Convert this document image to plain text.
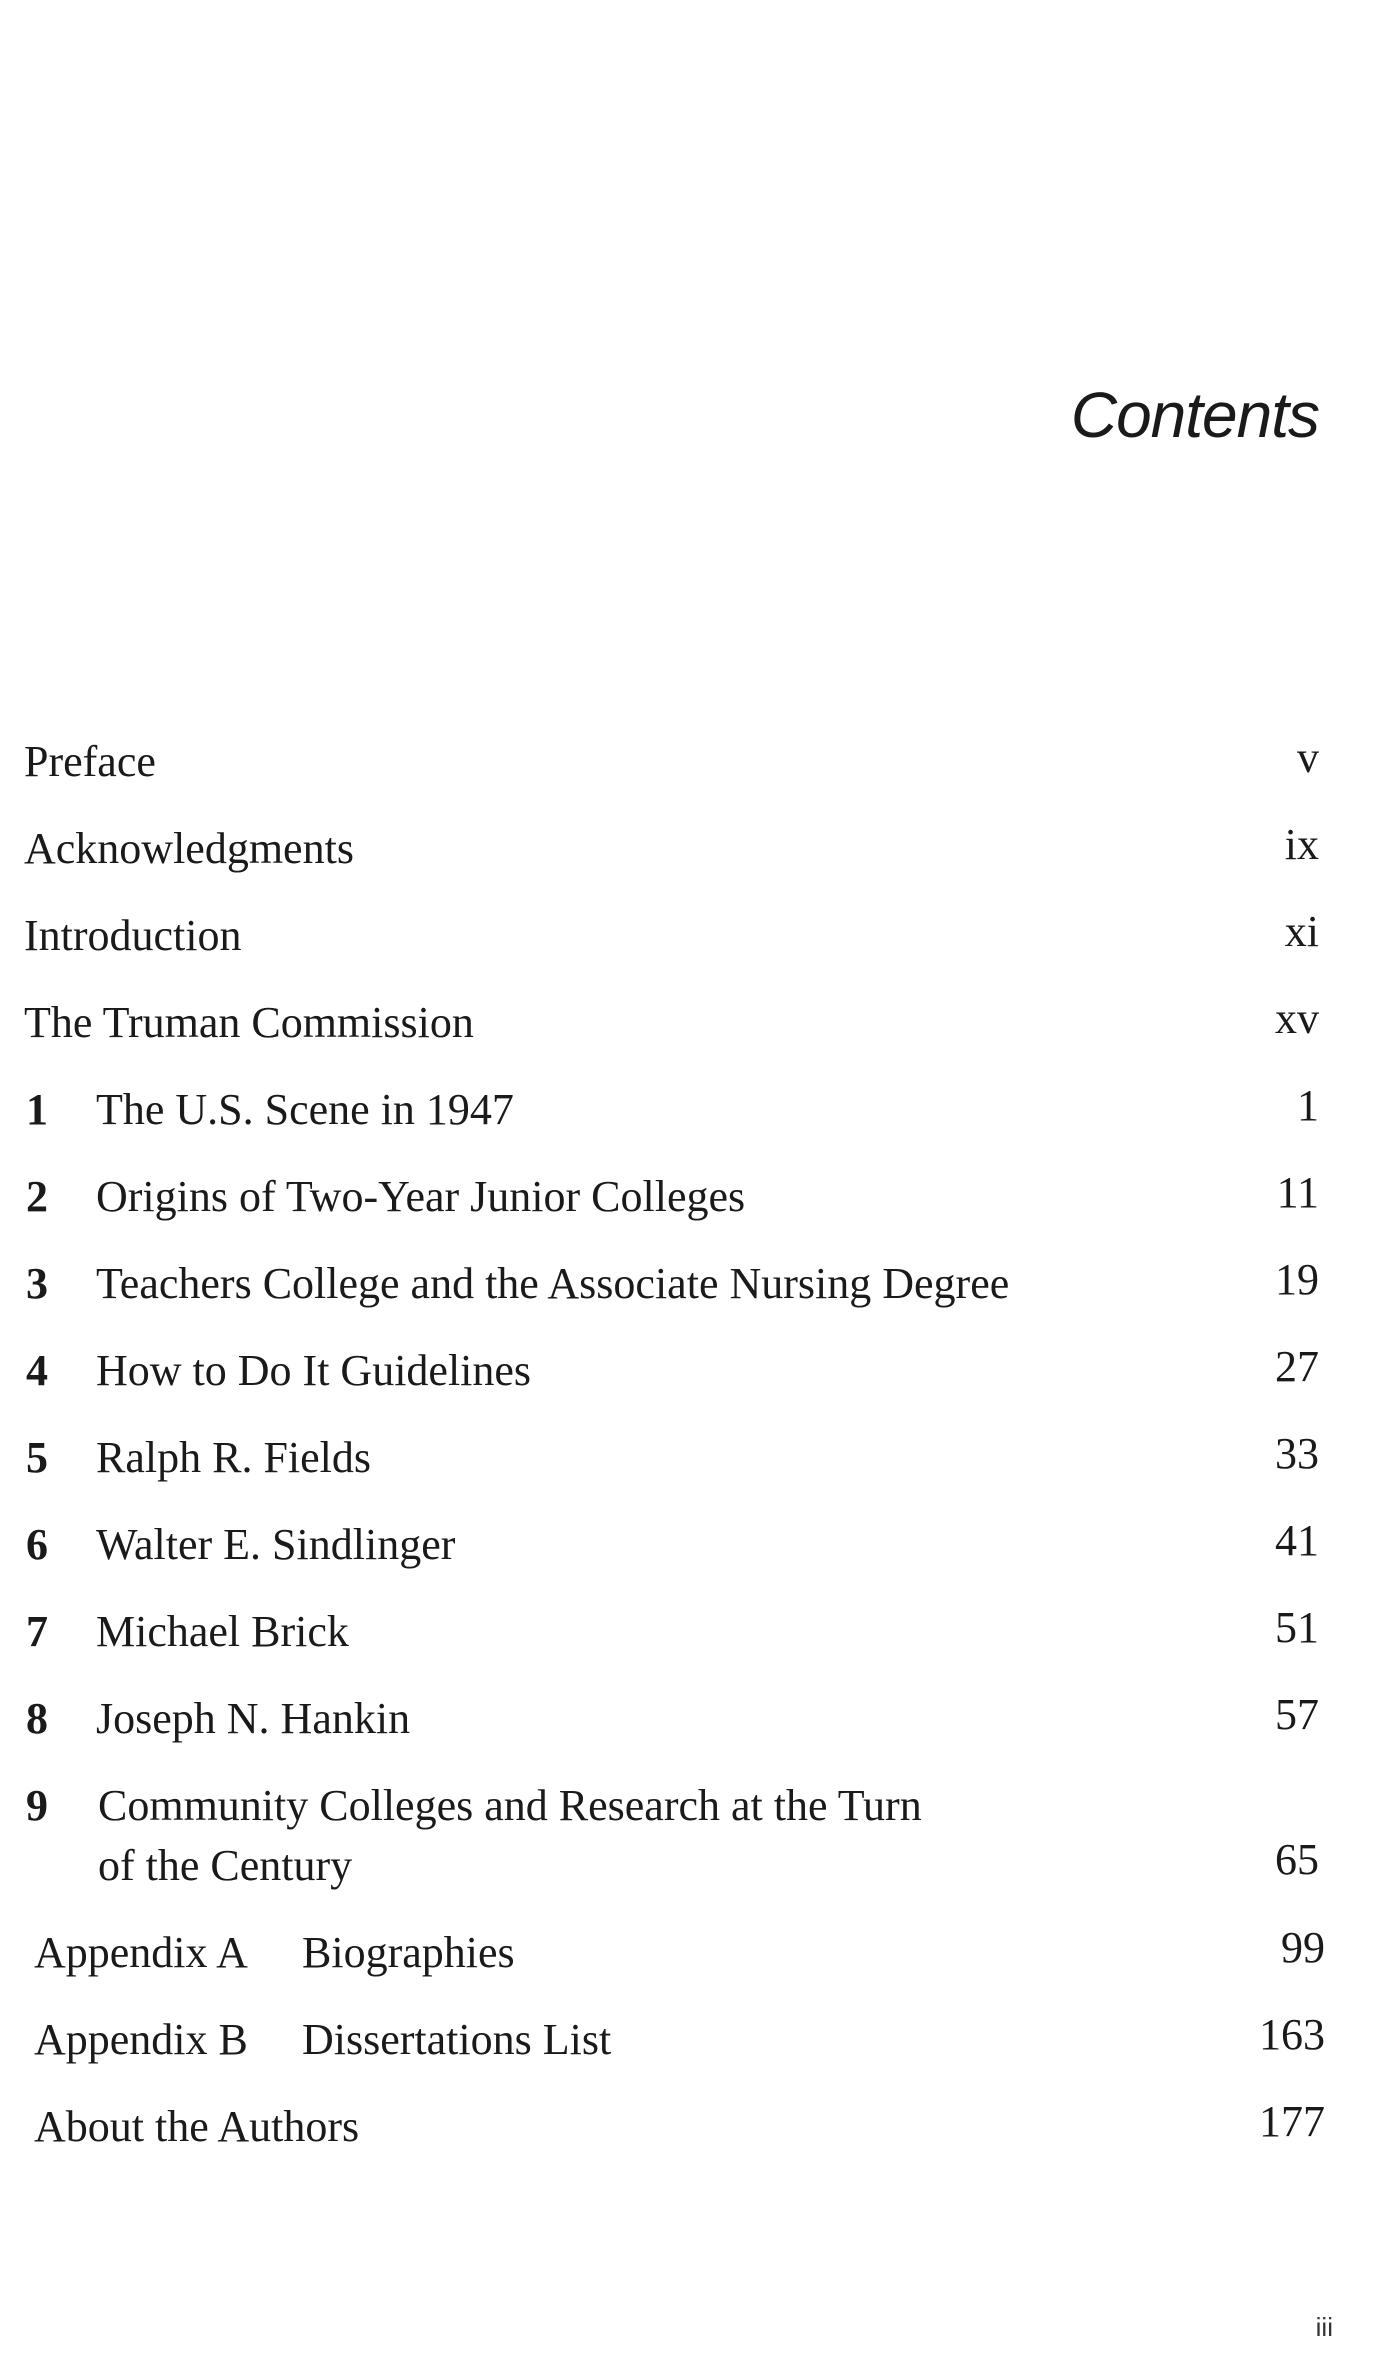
Contents
Preface	v
Acknowledgments	ix
Introduction	xi
The Truman Commission	xv
1 The U.S. Scene in 1947	1
2 Origins of Two-Year Junior Colleges	11
3 Teachers College and the Associate Nursing Degree	19
4 How to Do It Guidelines	27
5 Ralph R. Fields	33
6 Walter E. Sindlinger	41
7 Michael Brick	51
8 Joseph N. Hankin	57
9 Community Colleges and Research at the Turn
of the Century	65
Appendix A Biographies	99
Appendix B Dissertations List	163
About the Authors	177
iii
